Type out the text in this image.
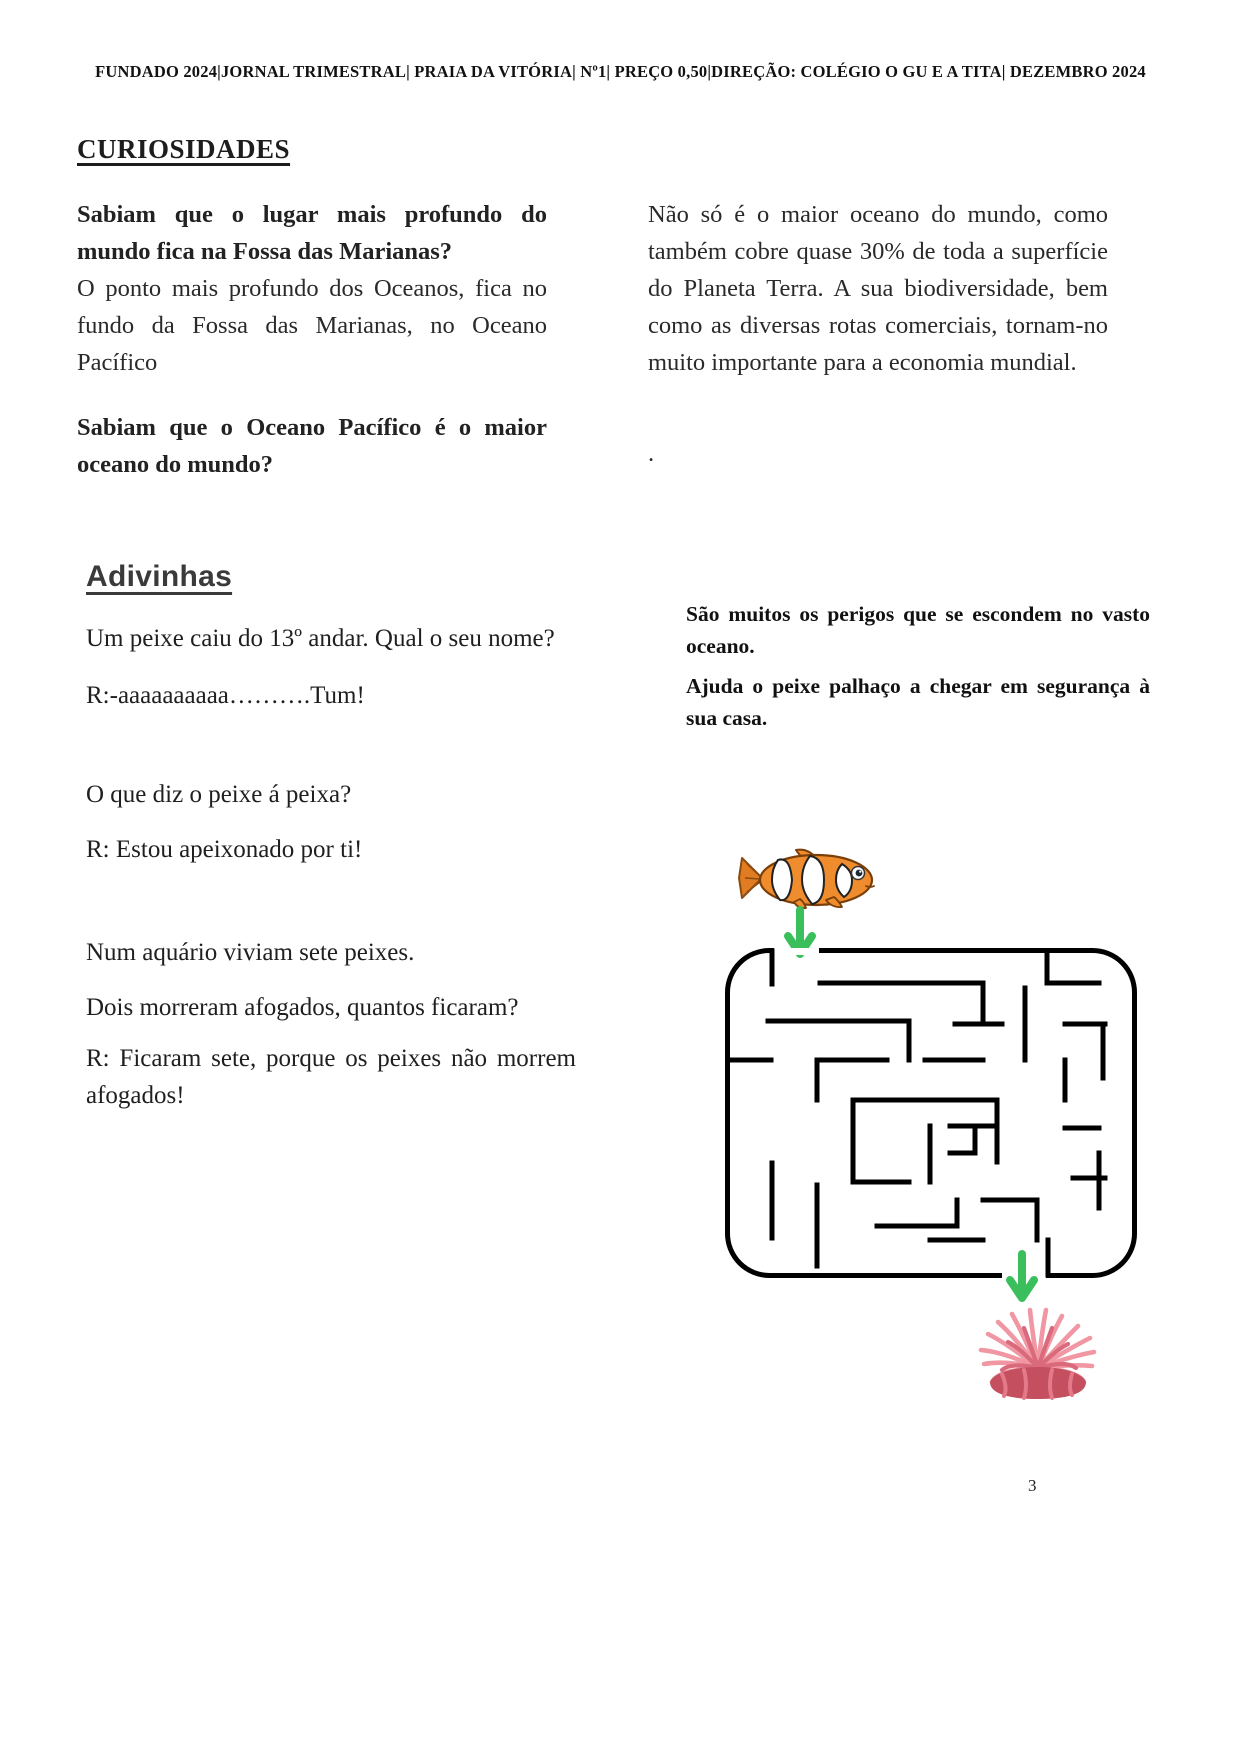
FUNDADO 2024|JORNAL TRIMESTRAL| PRAIA DA VITÓRIA| Nº1| PREÇO 0,50|DIREÇÃO: COLÉGIO O GU E A TITA| DEZEMBRO 2024
CURIOSIDADES

Sabiam que o lugar mais profundo do mundo fica na Fossa das Marianas?

O ponto mais profundo dos Oceanos, fica no fundo da Fossa das Marianas, no Oceano Pacífico

Sabiam que o Oceano Pacífico é o maior oceano do mundo?

Não só é o maior oceano do mundo, como também cobre quase 30% de toda a superfície do Planeta Terra. A sua biodiversidade, bem como as diversas rotas comerciais, tornam-no muito importante para a economia mundial.

.
Adivinhas

Um peixe caiu do 13º andar. Qual o seu nome?

R:-aaaaaaaaaa……….Tum!

O que diz o peixe á peixa?

R: Estou apeixonado por ti!

Num aquário viviam sete peixes.

Dois morreram afogados, quantos ficaram?

R: Ficaram sete, porque os peixes não morrem afogados!

São muitos os perigos que se escondem no vasto oceano.

Ajuda o peixe palhaço a chegar em segurança à sua casa.

3
